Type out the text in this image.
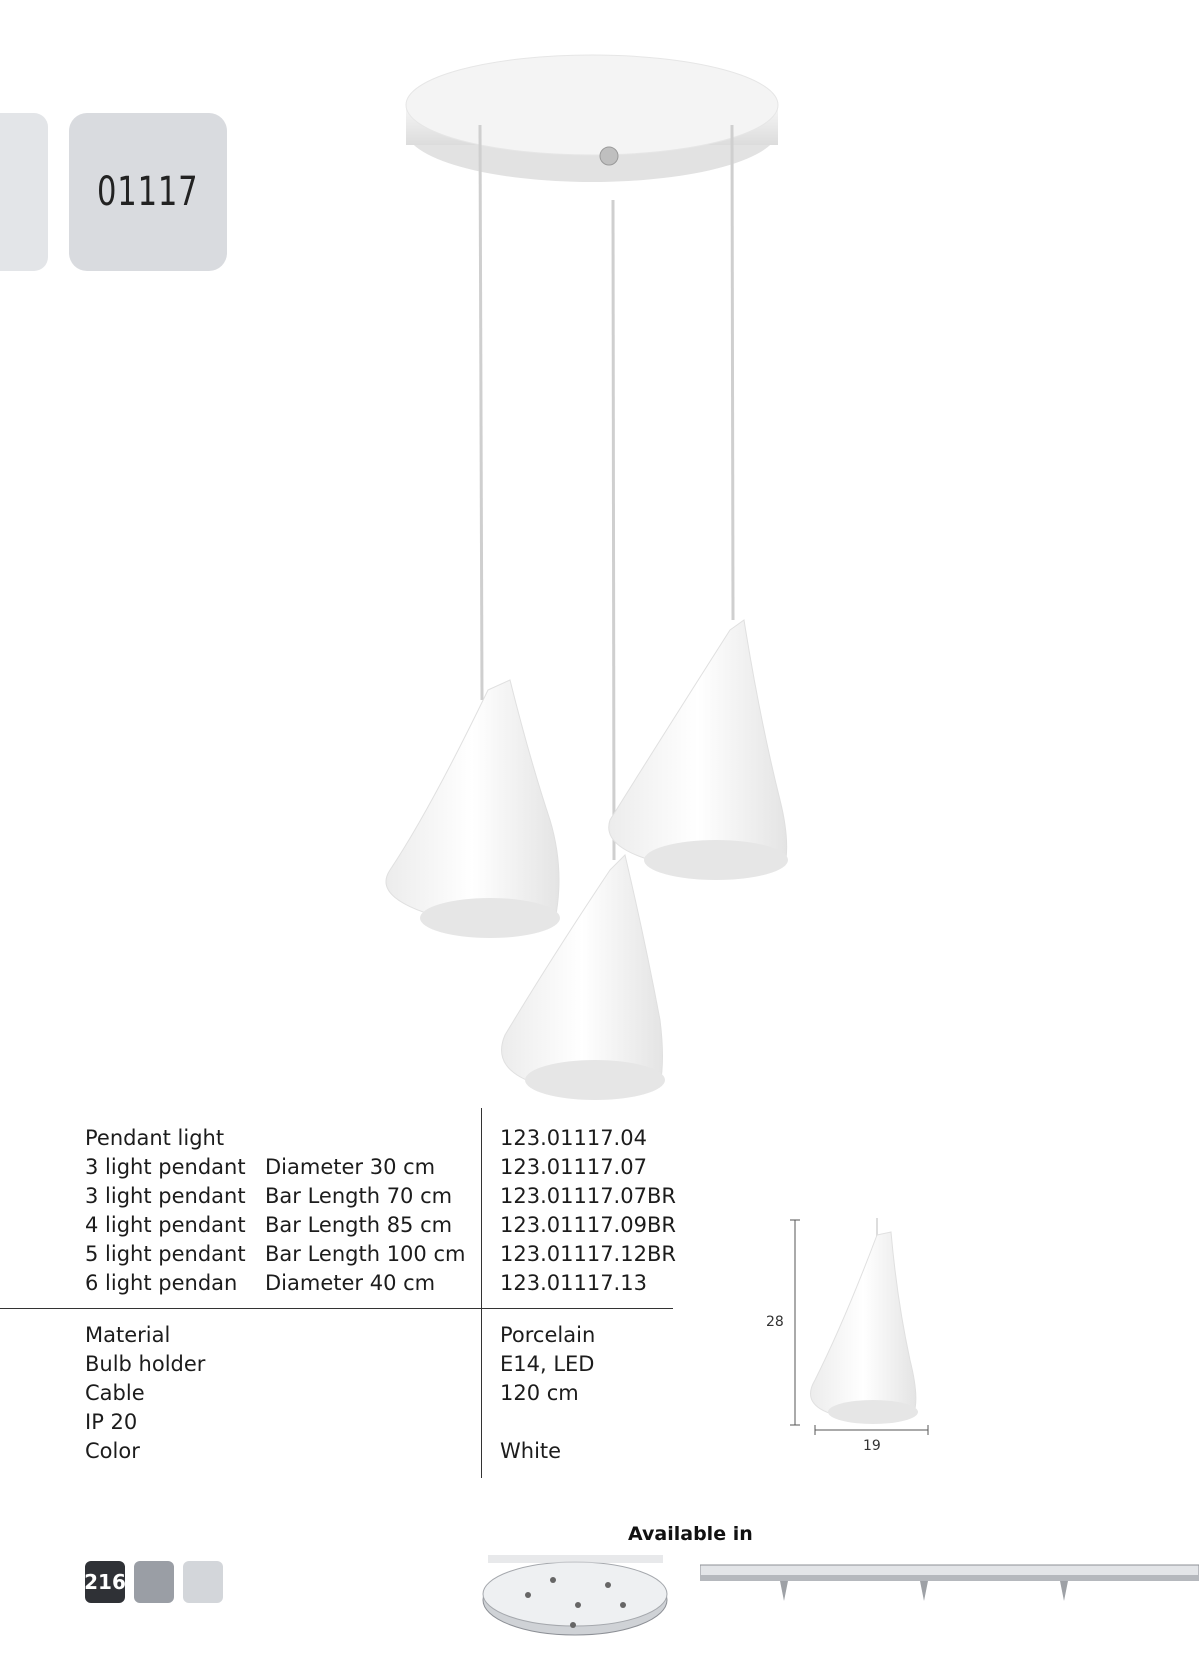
01117
Pendant light
3 light pendant
3 light pendant
4 light pendant
5 light pendant
6 light pendan
Diameter 30 cm
Bar Length 70 cm
Bar Length 85 cm
Bar Length 100 cm
Diameter 40 cm
123.01117.04
123.01117.07
123.01117.07BR
123.01117.09BR
123.01117.12BR
123.01117.13
Material
Bulb holder
Cable
IP 20
Color
Porcelain
E14, LED
120 cm
White
28
19
Available in
216
